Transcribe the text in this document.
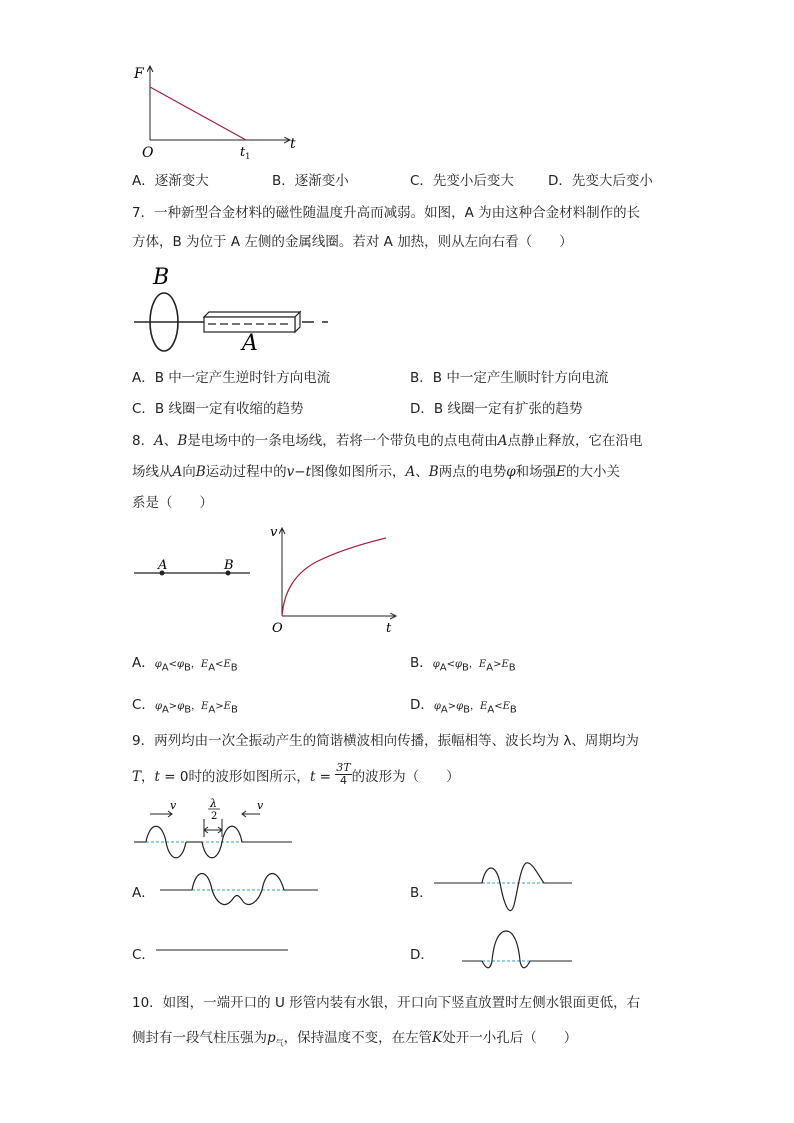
F
t
O	$t_1$
A．逐渐变大	B．逐渐变小	C．先变小后变大	D．先变大后变小
7．一种新型合金材料的磁性随温度升高而减弱。如图，A 为由这种合金材料制作的长
方体，B 为位于 A 左侧的金属线圈。若对 A 加热，则从左向右看（　　）
B
A
A．B 中一定产生逆时针方向电流	B．B 中一定产生顺时针方向电流
C．B 线圈一定有收缩的趋势	D．B 线圈一定有扩张的趋势
8．A、B是电场中的一条电场线，若将一个带负电的点电荷由A点静止释放，它在沿电
场线从A向B运动过程中的v−t图像如图所示，A、B两点的电势φ和场强E的大小关
系是（　　）
A	B
v
t
O
A．$\varphi_A<\varphi_B$，$E_A<E_B$	B．$\varphi_A<\varphi_B$，$E_A>E_B$
C．$\varphi_A>\varphi_B$，$E_A>E_B$	D．$\varphi_A>\varphi_B$，$E_A<E_B$
9．两列均由一次全振动产生的简谐横波相向传播，振幅相等、波长均为 λ、周期均为
T，t = 0时的波形如图所示，$t = \frac{3T}{4}$ 的波形为（　　）
v	v
λ
2
A．	B．
C．	D．
10．如图，一端开口的 U 形管内装有水银，开口向下竖直放置时左侧水银面更低，右
侧封有一段气柱压强为$p_气$，保持温度不变，在左管K处开一小孔后（　　）
